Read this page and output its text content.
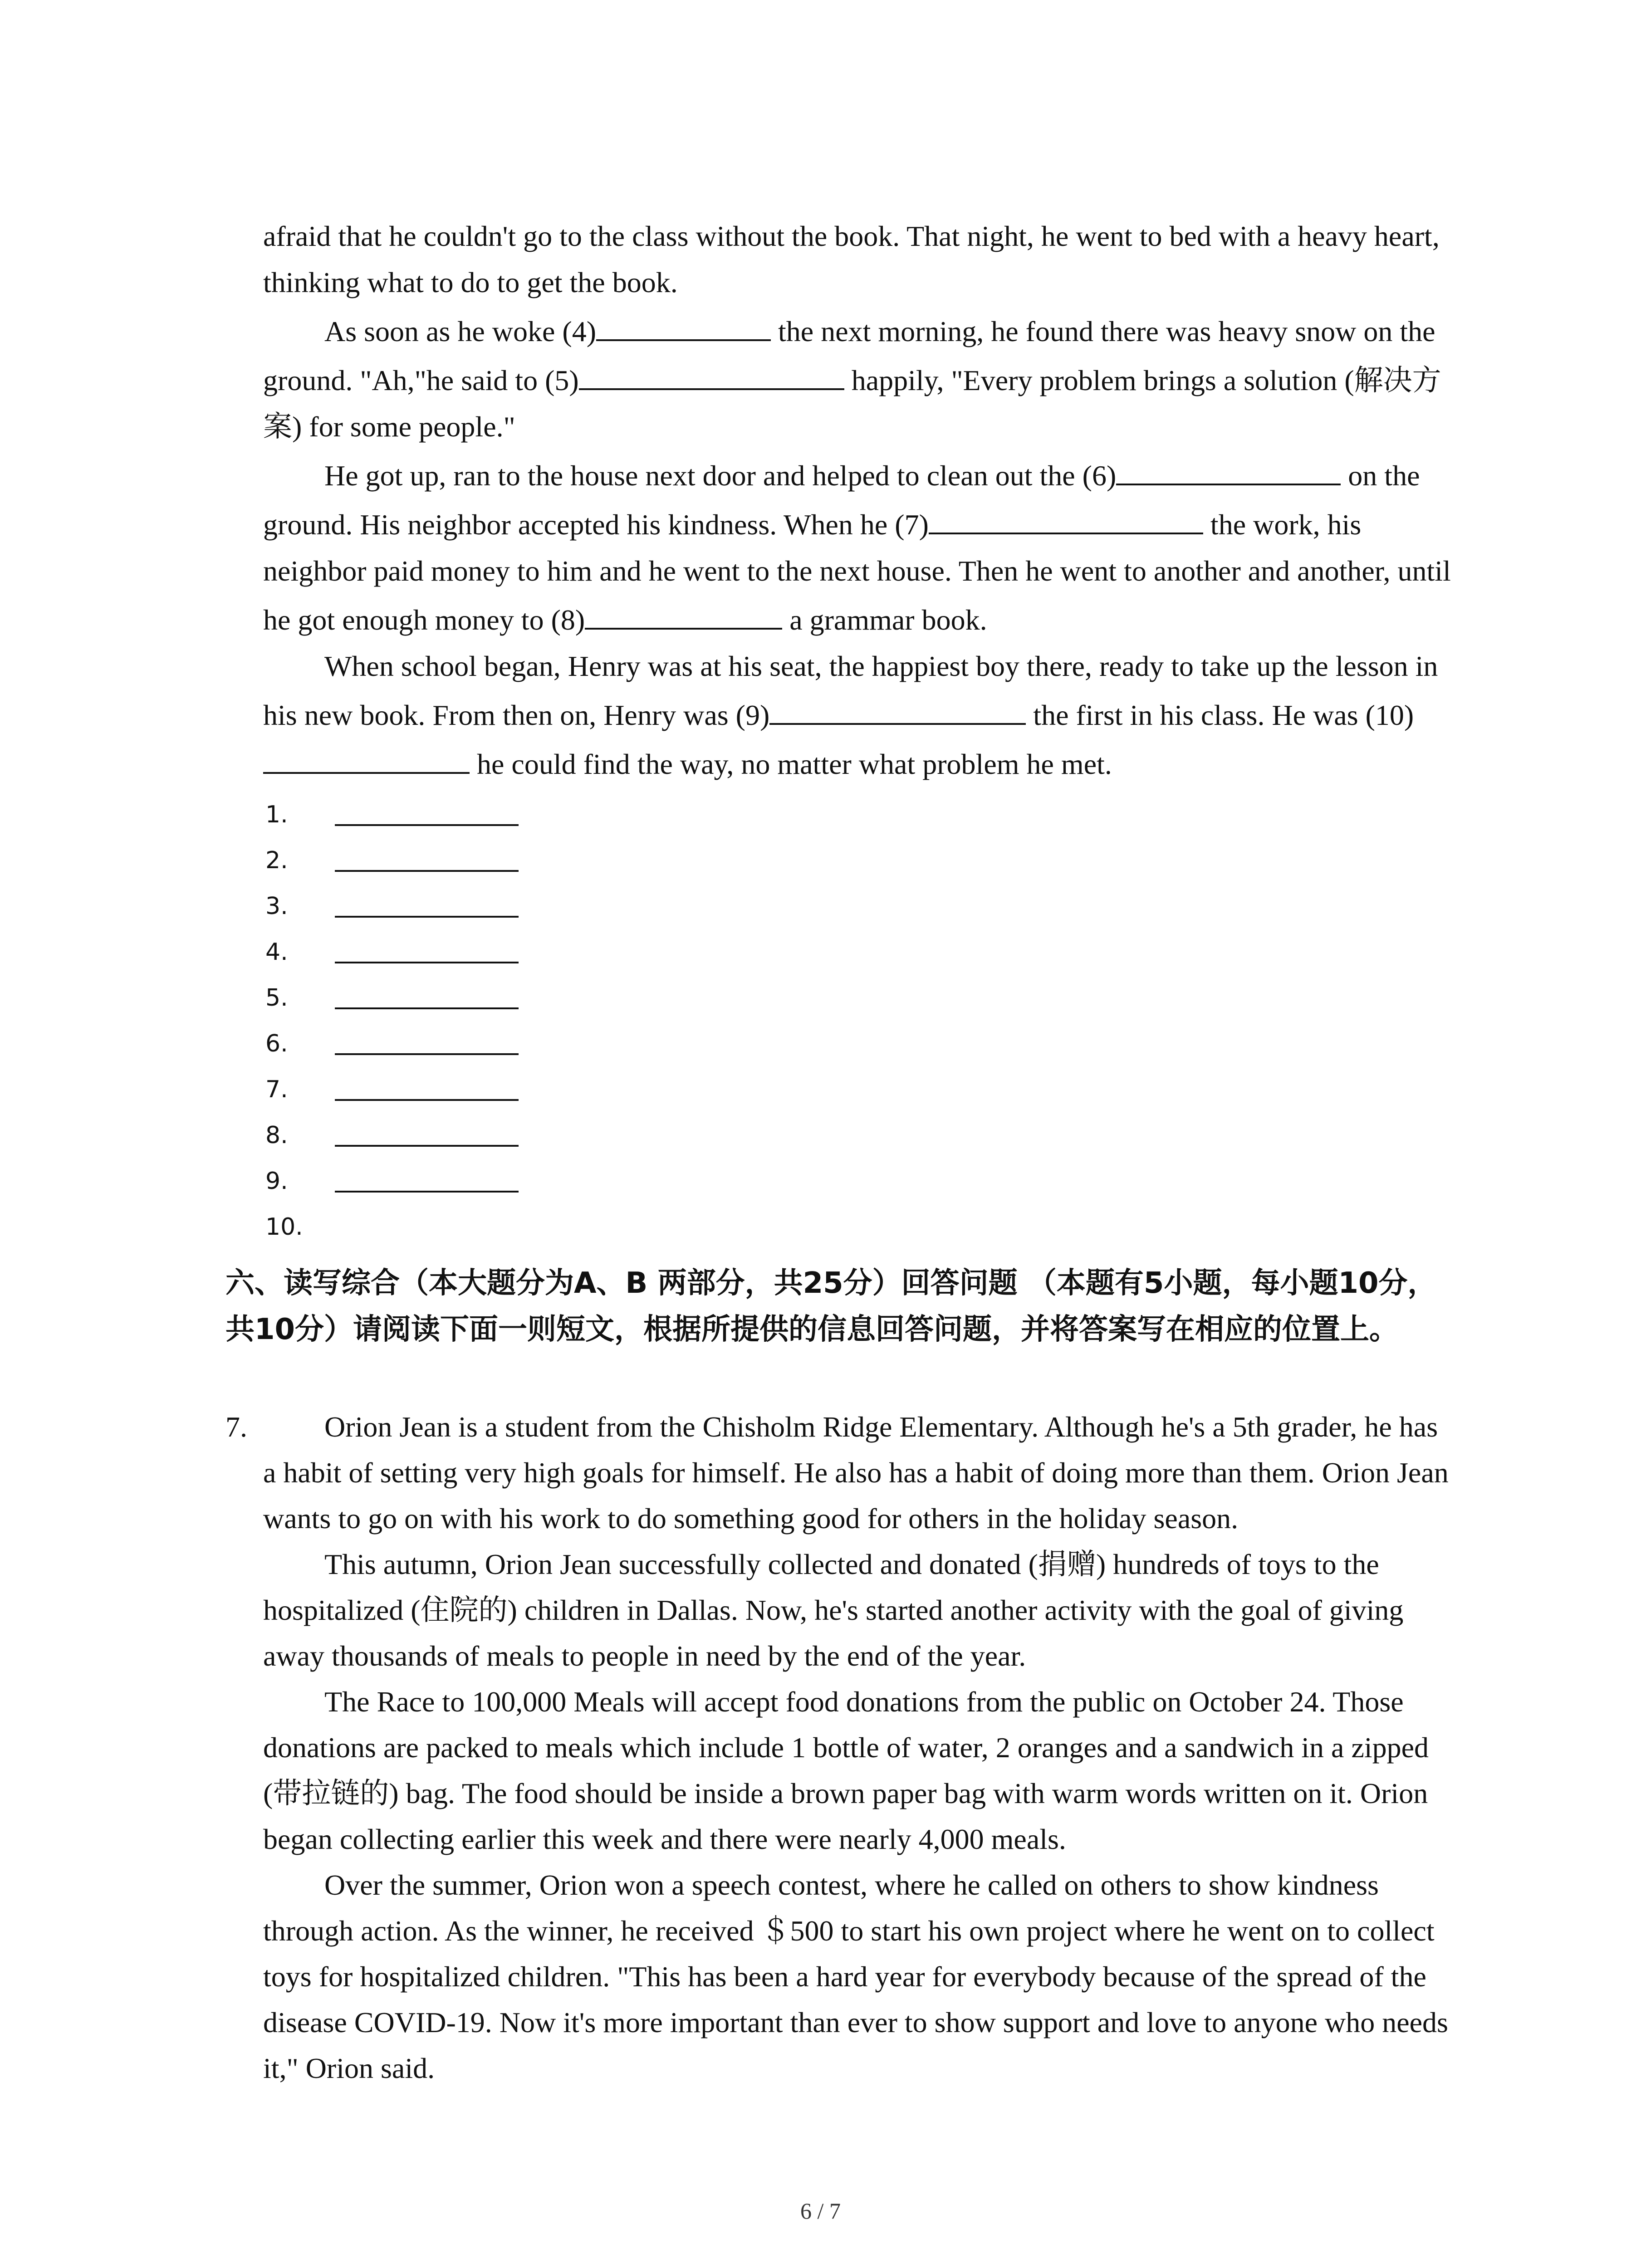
afraid that he couldn't go to the class without the book. That night, he went to bed with a heavy heart, thinking what to do to get the book.

As soon as he woke (4)	the next morning, he found there was heavy snow on the ground. "Ah,"he said to (5)	happily, "Every problem brings a solution (解决方案) for some people."

He got up, ran to the house next door and helped to clean out the (6)	on the ground. His neighbor accepted his kindness. When he (7)	the work, his neighbor paid money to him and he went to the next house. Then he went to another and another, until he got enough money to (8)	a grammar book.

When school began, Henry was at his seat, the happiest boy there, ready to take up the lesson in his new book. From then on, Henry was (9)	the first in his class. He was (10) he could find the way, no matter what problem he met.

1.
2.
3.
4.
5.
6.
7.
8.
9.
10.

六、读写综合（本大题分为A、B 两部分，共25分）回答问题 （本题有5小题，每小题10分，共10分）请阅读下面一则短文，根据所提供的信息回答问题，并将答案写在相应的位置上。

7.	Orion Jean is a student from the Chisholm Ridge Elementary. Although he's a 5th grader, he has a habit of setting very high goals for himself. He also has a habit of doing more than them. Orion Jean wants to go on with his work to do something good for others in the holiday season.

This autumn, Orion Jean successfully collected and donated (捐赠) hundreds of toys to the hospitalized (住院的) children in Dallas. Now, he's started another activity with the goal of giving away thousands of meals to people in need by the end of the year.

The Race to 100,000 Meals will accept food donations from the public on October 24. Those donations are packed to meals which include 1 bottle of water, 2 oranges and a sandwich in a zipped (带拉链的) bag. The food should be inside a brown paper bag with warm words written on it. Orion began collecting earlier this week and there were nearly 4,000 meals.

Over the summer, Orion won a speech contest, where he called on others to show kindness through action. As the winner, he received ＄500 to start his own project where he went on to collect toys for hospitalized children. "This has been a hard year for everybody because of the spread of the disease COVID-19. Now it's more important than ever to show support and love to anyone who needs it," Orion said.

6 / 7
